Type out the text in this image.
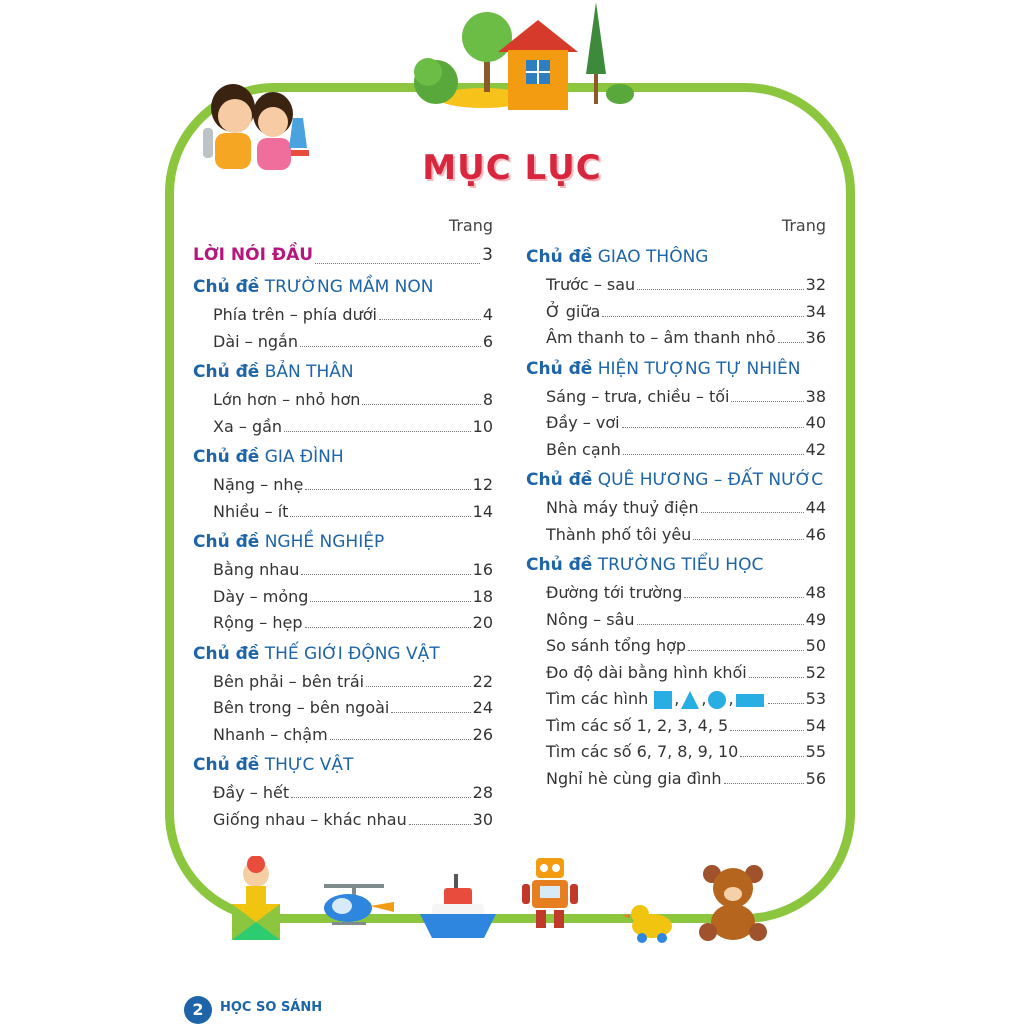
MỤC LỤC
Trang
LỜI NÓI ĐẦU	3
Chủ đề TRƯỜNG MẦM NON
Phía trên – phía dưới	4
Dài – ngắn	6
Chủ đề BẢN THÂN
Lớn hơn – nhỏ hơn	8
Xa – gần	10
Chủ đề GIA ĐÌNH
Nặng – nhẹ	12
Nhiều – ít	14
Chủ đề NGHỀ NGHIỆP
Bằng nhau	16
Dày – mỏng	18
Rộng – hẹp	20
Chủ đề THẾ GIỚI ĐỘNG VẬT
Bên phải – bên trái	22
Bên trong – bên ngoài	24
Nhanh – chậm	26
Chủ đề THỰC VẬT
Đầy – hết	28
Giống nhau – khác nhau	30
Trang
Chủ đề GIAO THÔNG
Trước – sau	32
Ở giữa	34
Âm thanh to – âm thanh nhỏ 36
Chủ đề HIỆN TƯỢNG TỰ NHIÊN
Sáng – trưa, chiều – tối	38
Đầy – vơi	40
Bên cạnh	42
Chủ đề QUÊ HƯƠNG – ĐẤT NƯỚC
Nhà máy thuỷ điện	44
Thành phố tôi yêu	46
Chủ đề TRƯỜNG TIỂU HỌC
Đường tới trường	48
Nông – sâu	49
So sánh tổng hợp	50
Đo độ dài bằng hình khối	52
Tìm các hình	, , ,	53
Tìm các số 1, 2, 3, 4, 5	54
Tìm các số 6, 7, 8, 9, 10	55
Nghỉ hè cùng gia đình	56
2	HỌC SO SÁNH
